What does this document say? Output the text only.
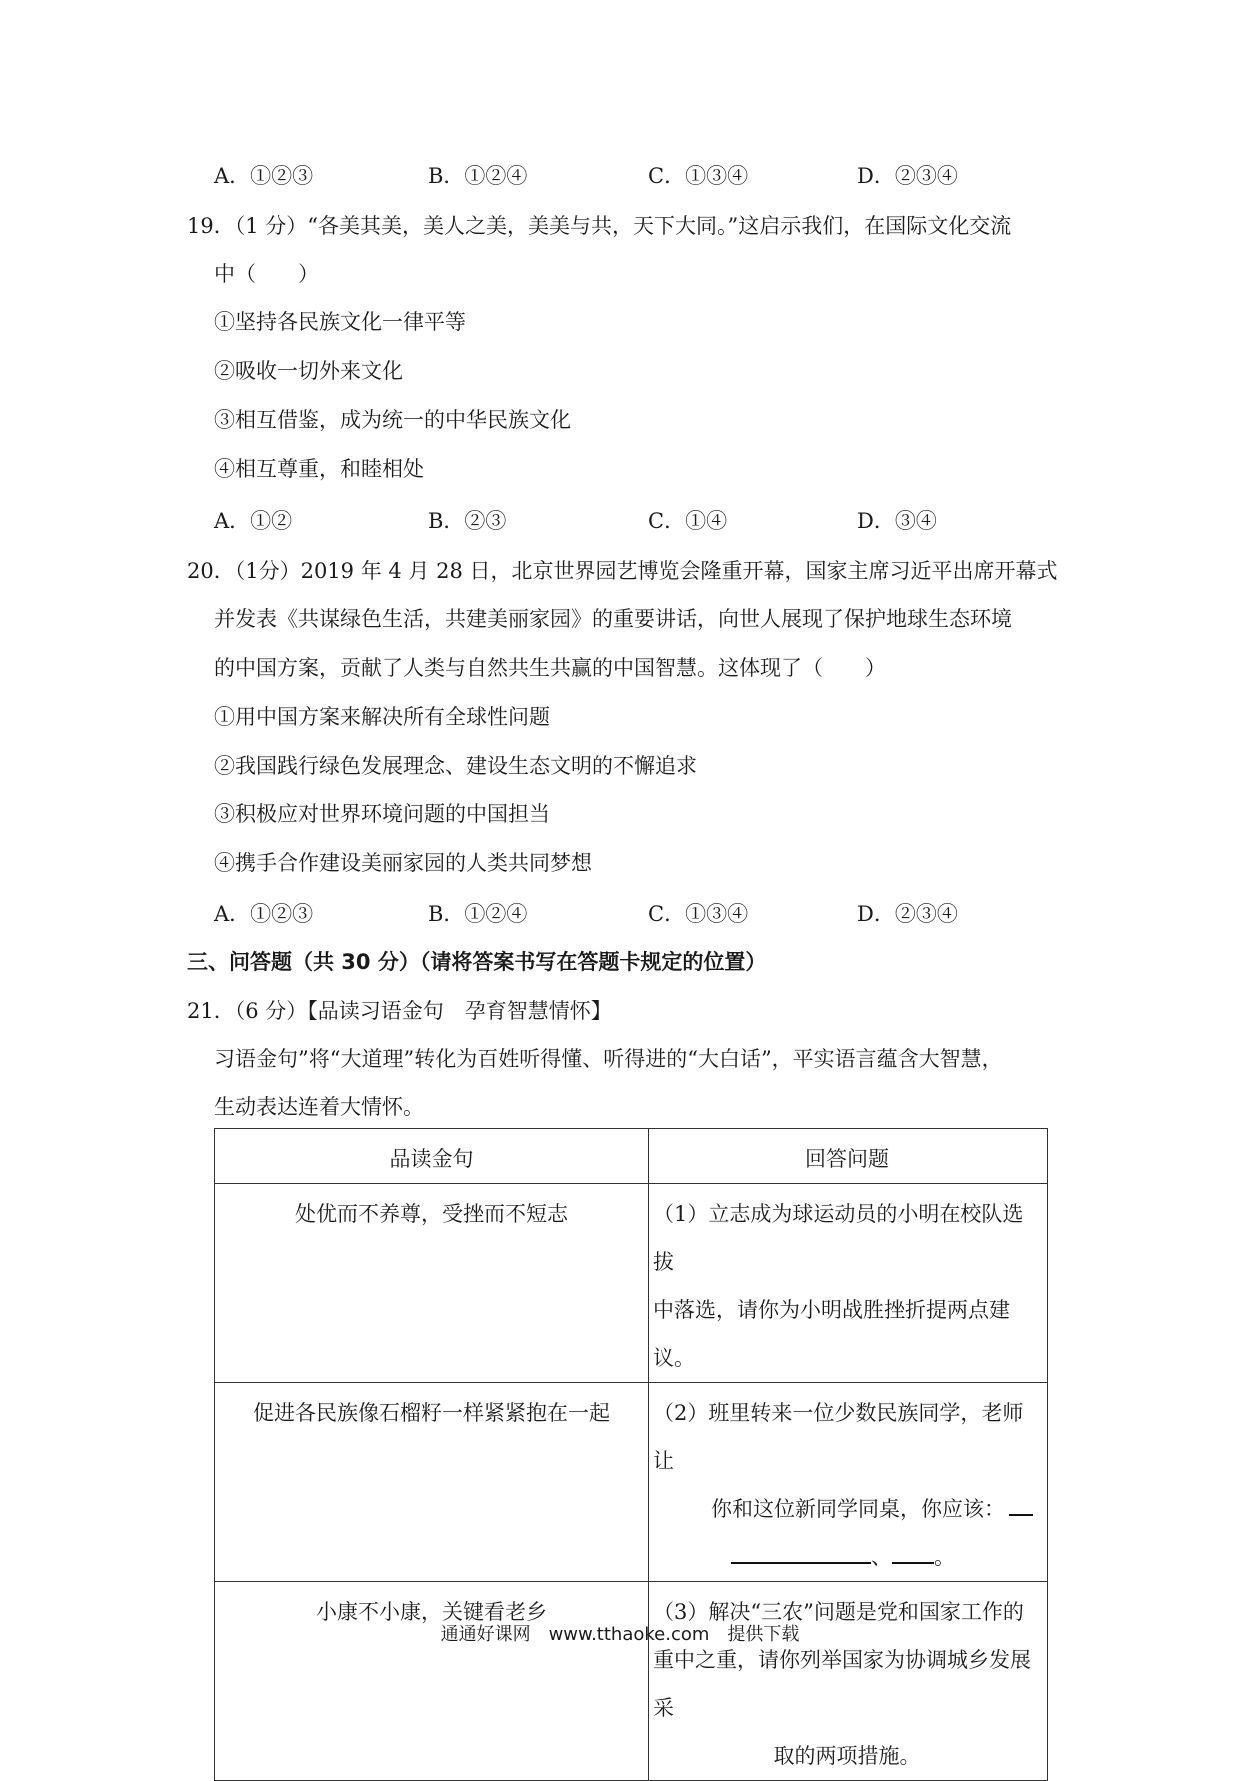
A．①②③	B．①②④	C．①③④	D．②③④
19．（1 分）“各美其美，美人之美，美美与共，天下大同。”这启示我们，在国际文化交流
中（　　）
①坚持各民族文化一律平等
②吸收一切外来文化
③相互借鉴，成为统一的中华民族文化
④相互尊重，和睦相处
A．①②	B．②③	C．①④	D．③④
20．（1分）2019 年 4 月 28 日，北京世界园艺博览会隆重开幕，国家主席习近平出席开幕式
并发表《共谋绿色生活，共建美丽家园》的重要讲话，向世人展现了保护地球生态环境
的中国方案，贡献了人类与自然共生共赢的中国智慧。这体现了（　　）
①用中国方案来解决所有全球性问题
②我国践行绿色发展理念、建设生态文明的不懈追求
③积极应对世界环境问题的中国担当
④携手合作建设美丽家园的人类共同梦想
A．①②③	B．①②④	C．①③④	D．②③④
三、问答题（共 30 分）（请将答案书写在答题卡规定的位置）
21．（6 分）【品读习语金句　孕育智慧情怀】
习语金句”将“大道理”转化为百姓听得懂、听得进的“大白话”，平实语言蕴含大智慧，
生动表达连着大情怀。
品读金句	回答问题
处优而不养尊，受挫而不短志	（1）立志成为球运动员的小明在校队选拔
中落选，请你为小明战胜挫折提两点建议。

促进各民族像石榴籽一样紧紧抱在一起	（2）班里转来一位少数民族同学，老师让
你和这位新同学同桌，你应该：
、 。

小康不小康，关键看老乡	（3）解决“三农”问题是党和国家工作的
重中之重，请你列举国家为协调城乡发展采
取的两项措施。
通通好课网　www.tthaoke.com　提供下载
